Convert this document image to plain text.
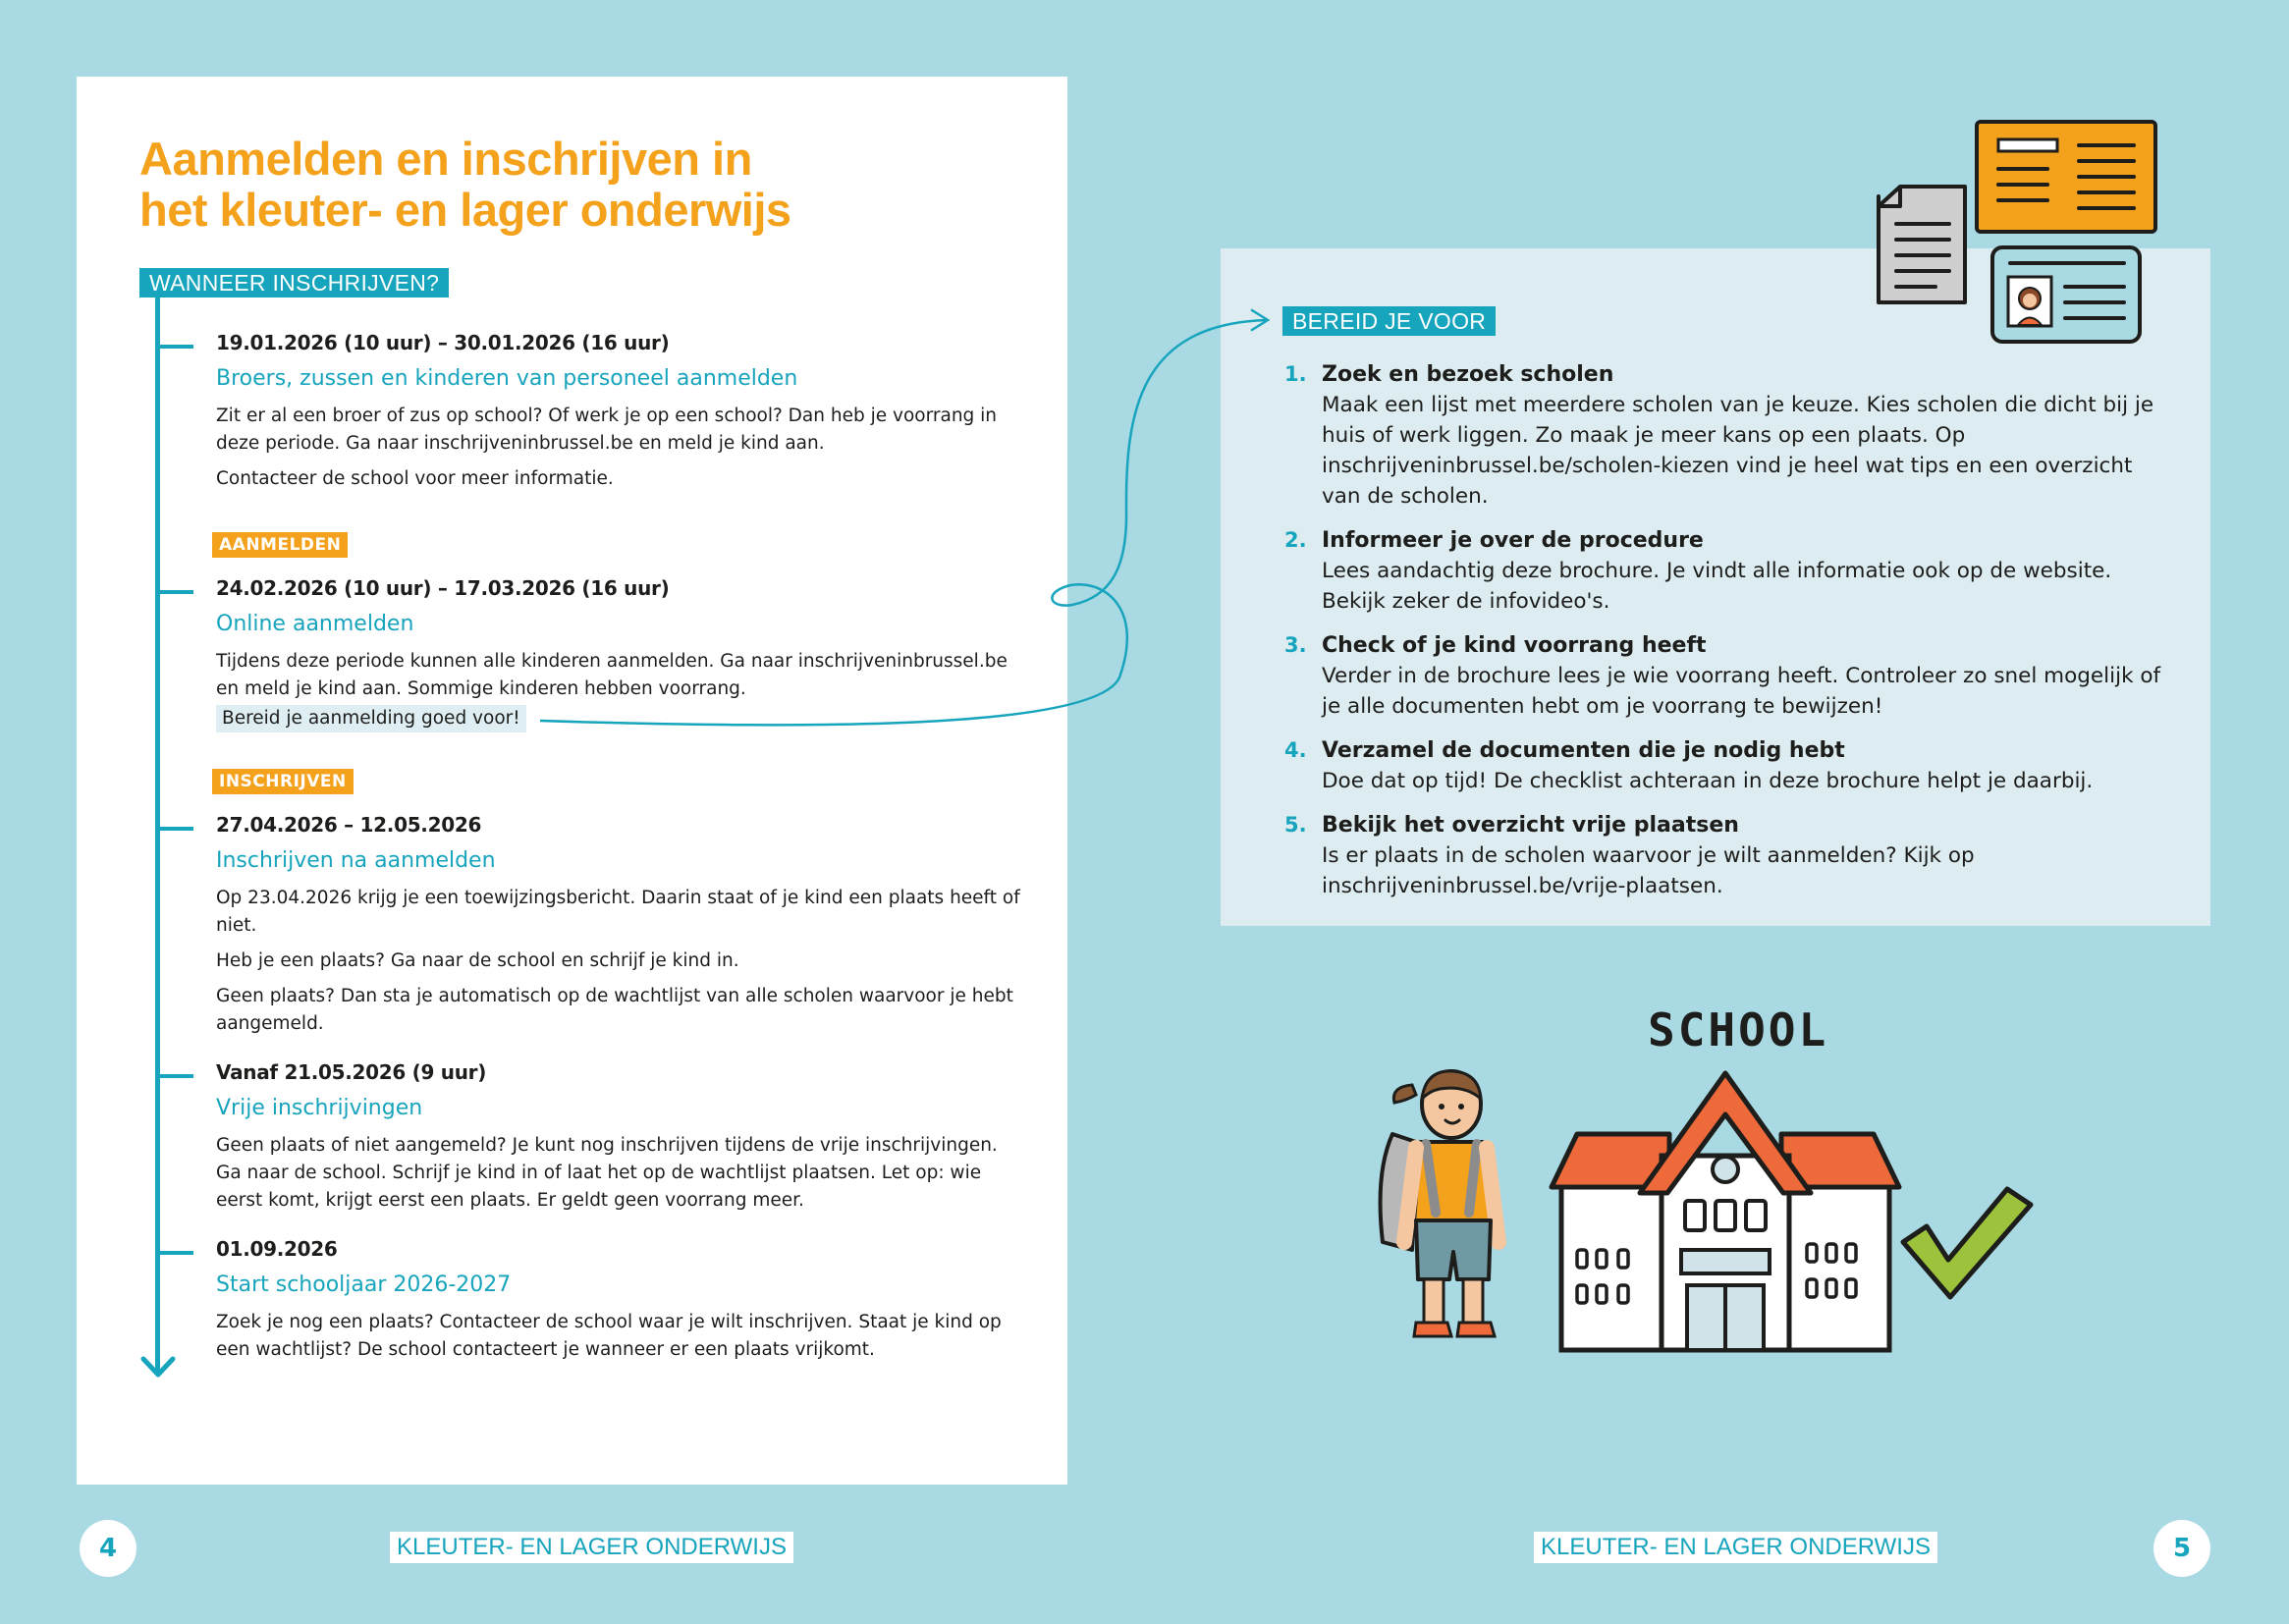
Aanmelden en inschrijven in
het kleuter- en lager onderwijs
WANNEER INSCHRIJVEN?
19.01.2026 (10 uur) – 30.01.2026 (16 uur)
Broers, zussen en kinderen van personeel aanmelden

Zit er al een broer of zus op school? Of werk je op een school? Dan heb je voorrang in deze periode. Ga naar inschrijveninbrussel.be en meld je kind aan.

Contacteer de school voor meer informatie.

AANMELDEN
24.02.2026 (10 uur) – 17.03.2026 (16 uur)
Online aanmelden

Tijdens deze periode kunnen alle kinderen aanmelden. Ga naar inschrijveninbrussel.be en meld je kind aan. Sommige kinderen hebben voorrang.

Bereid je aanmelding goed voor!
INSCHRIJVEN
27.04.2026 – 12.05.2026
Inschrijven na aanmelden

Op 23.04.2026 krijg je een toewijzingsbericht. Daarin staat of je kind een plaats heeft of niet.

Heb je een plaats? Ga naar de school en schrijf je kind in.

Geen plaats? Dan sta je automatisch op de wachtlijst van alle scholen waarvoor je hebt aangemeld.

Vanaf 21.05.2026 (9 uur)
Vrije inschrijvingen

Geen plaats of niet aangemeld? Je kunt nog inschrijven tijdens de vrije inschrijvingen. Ga naar de school. Schrijf je kind in of laat het op de wachtlijst plaatsen. Let op: wie eerst komt, krijgt eerst een plaats. Er geldt geen voorrang meer.

01.09.2026
Start schooljaar 2026-2027

Zoek je nog een plaats? Contacteer de school waar je wilt inschrijven. Staat je kind op een wachtlijst? De school contacteert je wanneer er een plaats vrijkomt.

BEREID JE VOOR
1. Zoek en bezoek scholen
Maak een lijst met meerdere scholen van je keuze. Kies scholen die dicht bij je huis of werk liggen. Zo maak je meer kans op een plaats. Op inschrijveninbrussel.be/scholen-kiezen vind je heel wat tips en een overzicht van de scholen.
2. Informeer je over de procedure
Lees aandachtig deze brochure. Je vindt alle informatie ook op de website. Bekijk zeker de infovideo's.
3. Check of je kind voorrang heeft
Verder in de brochure lees je wie voorrang heeft. Controleer zo snel mogelijk of je alle documenten hebt om je voorrang te bewijzen!
4. Verzamel de documenten die je nodig hebt
Doe dat op tijd! De checklist achteraan in deze brochure helpt je daarbij.
5. Bekijk het overzicht vrije plaatsen
Is er plaats in de scholen waarvoor je wilt aanmelden? Kijk op inschrijveninbrussel.be/vrije-plaatsen.
SCHOOL
4	KLEUTER- EN LAGER ONDERWIJS	KLEUTER- EN LAGER ONDERWIJS	5
